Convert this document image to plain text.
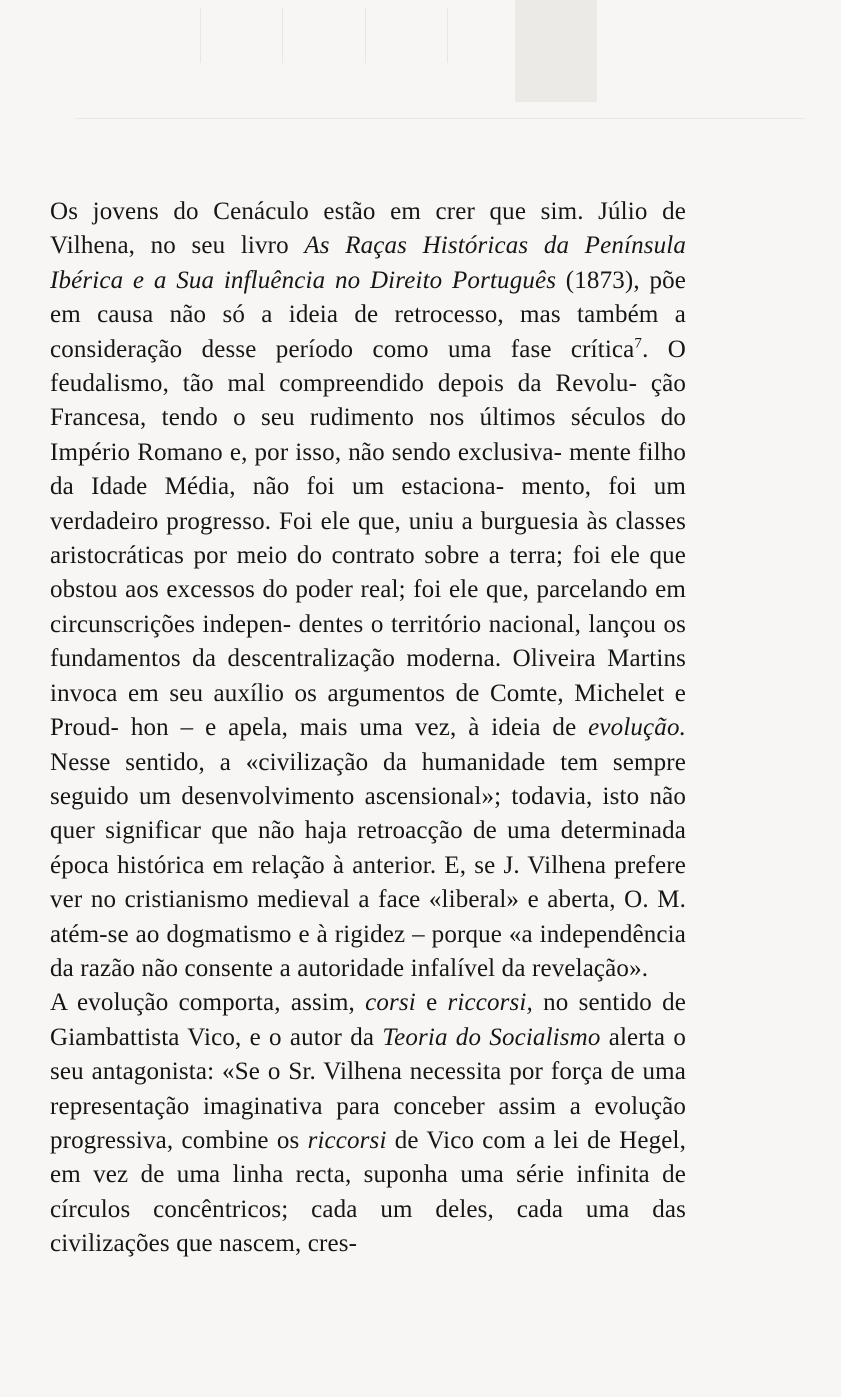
Os jovens do Cenáculo estão em crer que sim. Júlio de Vilhena, no seu livro As Raças Históricas da Península Ibérica e a Sua influência no Direito Português (1873), põe em causa não só a ideia de retrocesso, mas também a consideração desse período como uma fase crítica$^7$. O feudalismo, tão mal compreendido depois da Revolu- ção Francesa, tendo o seu rudimento nos últimos séculos do Império Romano e, por isso, não sendo exclusiva- mente filho da Idade Média, não foi um estaciona- mento, foi um verdadeiro progresso. Foi ele que, uniu a burguesia às classes aristocráticas por meio do contrato sobre a terra; foi ele que obstou aos excessos do poder real; foi ele que, parcelando em circunscrições indepen- dentes o território nacional, lançou os fundamentos da descentralização moderna. Oliveira Martins invoca em seu auxílio os argumentos de Comte, Michelet e Proud- hon – e apela, mais uma vez, à ideia de evolução. Nesse sentido, a «civilização da humanidade tem sempre seguido um desenvolvimento ascensional»; todavia, isto não quer significar que não haja retroacção de uma determinada época histórica em relação à anterior. E, se J. Vilhena prefere ver no cristianismo medieval a face «liberal» e aberta, O. M. atém-se ao dogmatismo e à rigidez – porque «a independência da razão não consente a autoridade infalível da revelação».

A evolução comporta, assim, corsi e riccorsi, no sentido de Giambattista Vico, e o autor da Teoria do Socialismo alerta o seu antagonista: «Se o Sr. Vilhena necessita por força de uma representação imaginativa para conceber assim a evolução progressiva, combine os riccorsi de Vico com a lei de Hegel, em vez de uma linha recta, suponha uma série infinita de círculos concêntricos; cada um deles, cada uma das civilizações que nascem, cres-
